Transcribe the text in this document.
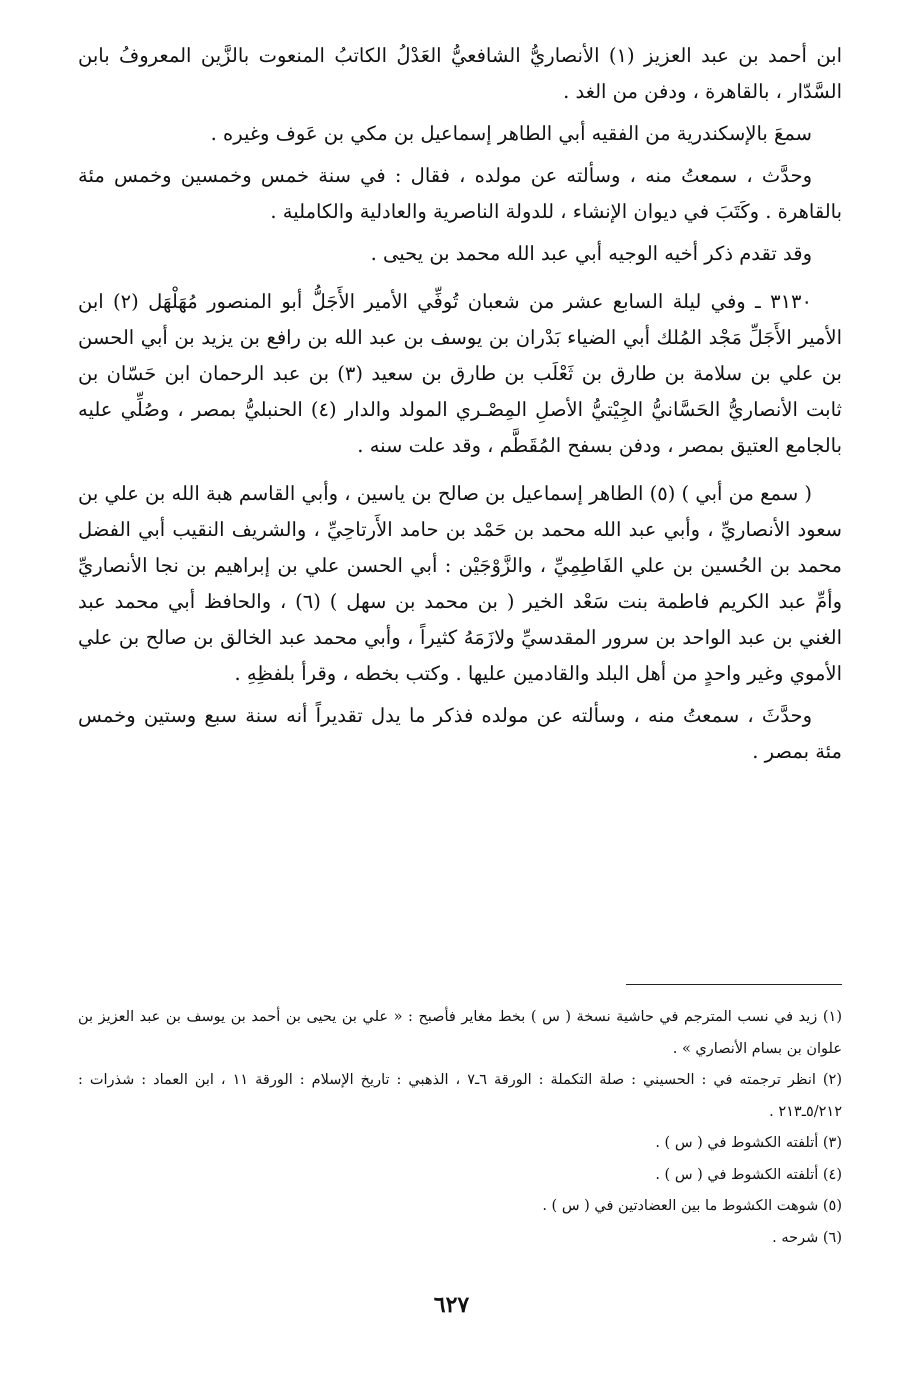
ابن أحمد بن عبد العزيز (١) الأنصاريُّ الشافعيُّ العَدْلُ الكاتبُ المنعوت بالزَّين المعروفُ بابن السَّدّار ، بالقاهرة ، ودفن من الغد .

سمعَ بالإسكندرية من الفقيه أبي الطاهر إسماعيل بن مكي بن عَوف وغيره .

وحدَّث ، سمعتُ منه ، وسألته عن مولده ، فقال : في سنة خمس وخمسين وخمس مئة بالقاهرة . وكَتَبَ في ديوان الإنشاء ، للدولة الناصرية والعادلية والكاملية .

وقد تقدم ذكر أخيه الوجيه أبي عبد الله محمد بن يحيى .

٣١٣٠ ـ وفي ليلة السابع عشر من شعبان تُوفِّي الأمير الأَجَلُّ أبو المنصور مُهَلْهَل (٢) ابن الأمير الأَجَلِّ مَجْد المُلك أبي الضياء بَدْران بن يوسف بن عبد الله بن رافع بن يزيد بن أبي الحسن بن علي بن سلامة بن طارق بن ثَعْلَب بن طارق بن سعيد (٣) بن عبد الرحمان ابن حَسّان بن ثابت الأنصاريُّ الحَسَّانيُّ الجِيْتيُّ الأصلِ المِصْـري المولد والدار (٤) الحنبليُّ بمصر ، وصُلِّي عليه بالجامع العتيق بمصر ، ودفن بسفح المُقَطَّم ، وقد علت سنه .

( سمع من أبي ) (٥) الطاهر إسماعيل بن صالح بن ياسين ، وأبي القاسم هبة الله بن علي بن سعود الأنصاريِّ ، وأبي عبد الله محمد بن حَمْد بن حامد الأَرتاحِيِّ ، والشريف النقيب أبي الفضل محمد بن الحُسين بن علي الفَاطِمِيِّ ، والزَّوْجَيْن : أبي الحسن علي بن إبراهيم بن نجا الأنصاريِّ وأمِّ عبد الكريم فاطمة بنت سَعْد الخير ( بن محمد بن سهل ) (٦) ، والحافظ أبي محمد عبد الغني بن عبد الواحد بن سرور المقدسيِّ ولازَمَهُ كثيراً ، وأبي محمد عبد الخالق بن صالح بن علي الأموي وغير واحدٍ من أهل البلد والقادمين عليها . وكتب بخطه ، وقرأ بلفظِهِ .

وحدَّثَ ، سمعتُ منه ، وسألته عن مولده فذكر ما يدل تقديراً أنه سنة سبع وستين وخمس مئة بمصر .

(١) زيد في نسب المترجم في حاشية نسخة ( س ) بخط مغاير فأصبح : « علي بن يحيى بن أحمد بن يوسف بن عبد العزيز بن علوان بن بسام الأنصاري » .

(٢) انظر ترجمته في : الحسيني : صلة التكملة : الورقة ٦ـ٧ ، الذهبي : تاريخ الإسلام : الورقة ١١ ، ابن العماد : شذرات : ٥/٢١٢ـ٢١٣ .

(٣) أتلفته الكشوط في ( س ) .

(٤) أتلفته الكشوط في ( س ) .

(٥) شوهت الكشوط ما بين العضادتين في ( س ) .

(٦) شرحه .

٦٢٧
